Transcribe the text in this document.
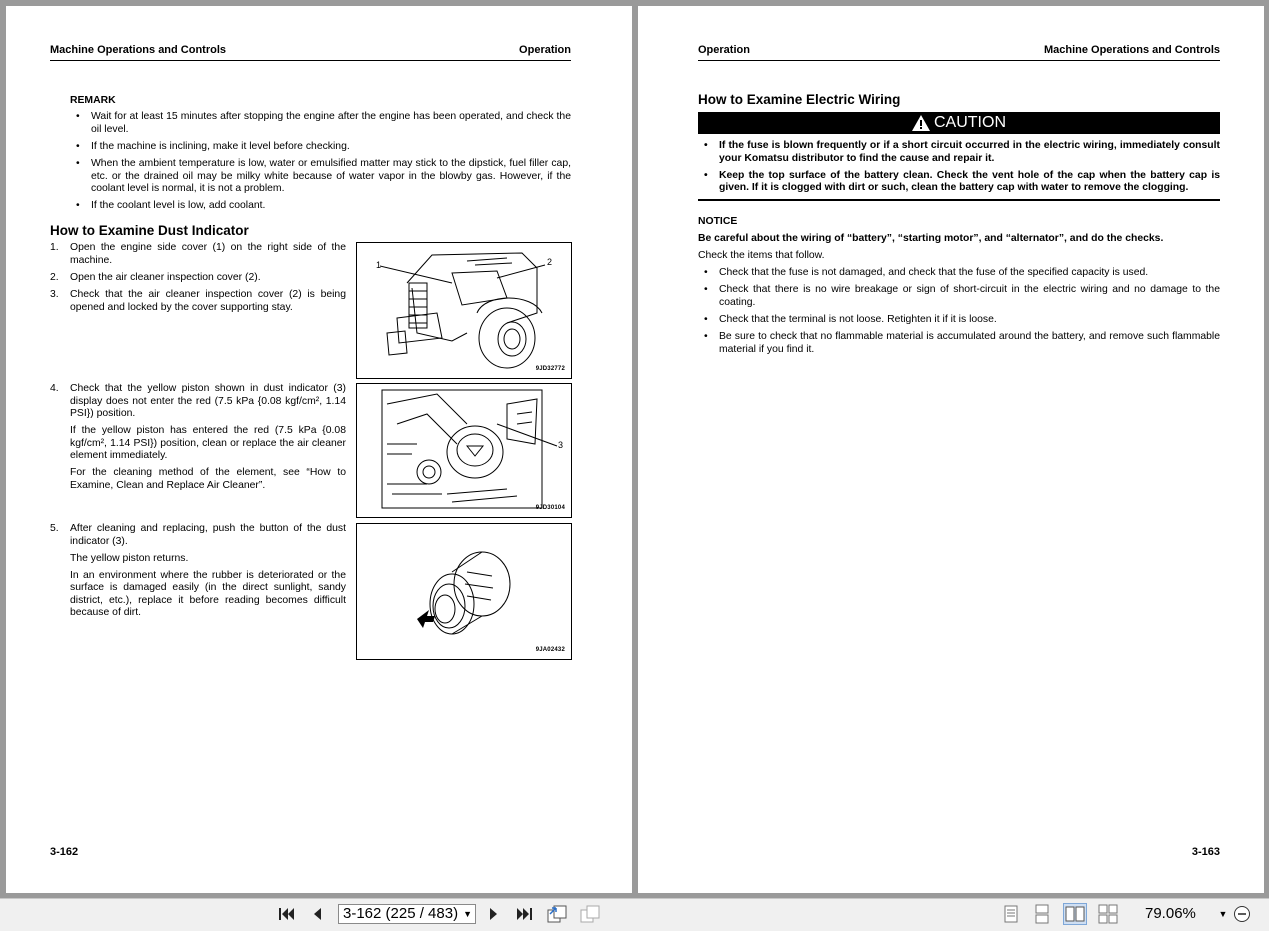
Machine Operations and Controls	Operation
REMARK
• Wait for at least 15 minutes after stopping the engine after the engine has been operated, and check the oil level.
• If the machine is inclining, make it level before checking.
• When the ambient temperature is low, water or emulsified matter may stick to the dipstick, fuel filler cap, etc. or the drained oil may be milky white because of water vapor in the blowby gas. However, if the coolant level is normal, it is not a problem.
• If the coolant level is low, add coolant.
How to Examine Dust Indicator
1. Open the engine side cover (1) on the right side of the machine.

2. Open the air cleaner inspection cover (2).

3. Check that the air cleaner inspection cover (2) is being opened and locked by the cover supporting stay.

4. Check that the yellow piston shown in dust indicator (3) display does not enter the red (7.5 kPa {0.08 kgf/cm², 1.14 PSI}) position.

If the yellow piston has entered the red (7.5 kPa {0.08 kgf/cm², 1.14 PSI}) position, clean or replace the air cleaner element immediately.

For the cleaning method of the element, see “How to Examine, Clean and Replace Air Cleaner”.

5. After cleaning and replacing, push the button of the dust indicator (3).

The yellow piston returns.

In an environment where the rubber is deteriorated or the surface is damaged easily (in the direct sunlight, sandy district, etc.), replace it before reading becomes difficult because of dirt.

1	2
9JD32772
3
9JD30104
9JA02432
3-162
Operation	Machine Operations and Controls
How to Examine Electric Wiring
CAUTION
• If the fuse is blown frequently or if a short circuit occurred in the electric wiring, immediately consult your Komatsu distributor to find the cause and repair it.
• Keep the top surface of the battery clean. Check the vent hole of the cap when the battery cap is given. If it is clogged with dirt or such, clean the battery cap with water to remove the clogging.
NOTICE
Be careful about the wiring of “battery”, “starting motor”, and “alternator”, and do the checks.
Check the items that follow.
• Check that the fuse is not damaged, and check that the fuse of the specified capacity is used.
• Check that there is no wire breakage or sign of short-circuit in the electric wiring and no damage to the coating.
• Check that the terminal is not loose. Retighten it if it is loose.
• Be sure to check that no flammable material is accumulated around the battery, and remove such flammable material if you find it.
3-163
3-162 (225 / 483) ▼	79.06%	▼
